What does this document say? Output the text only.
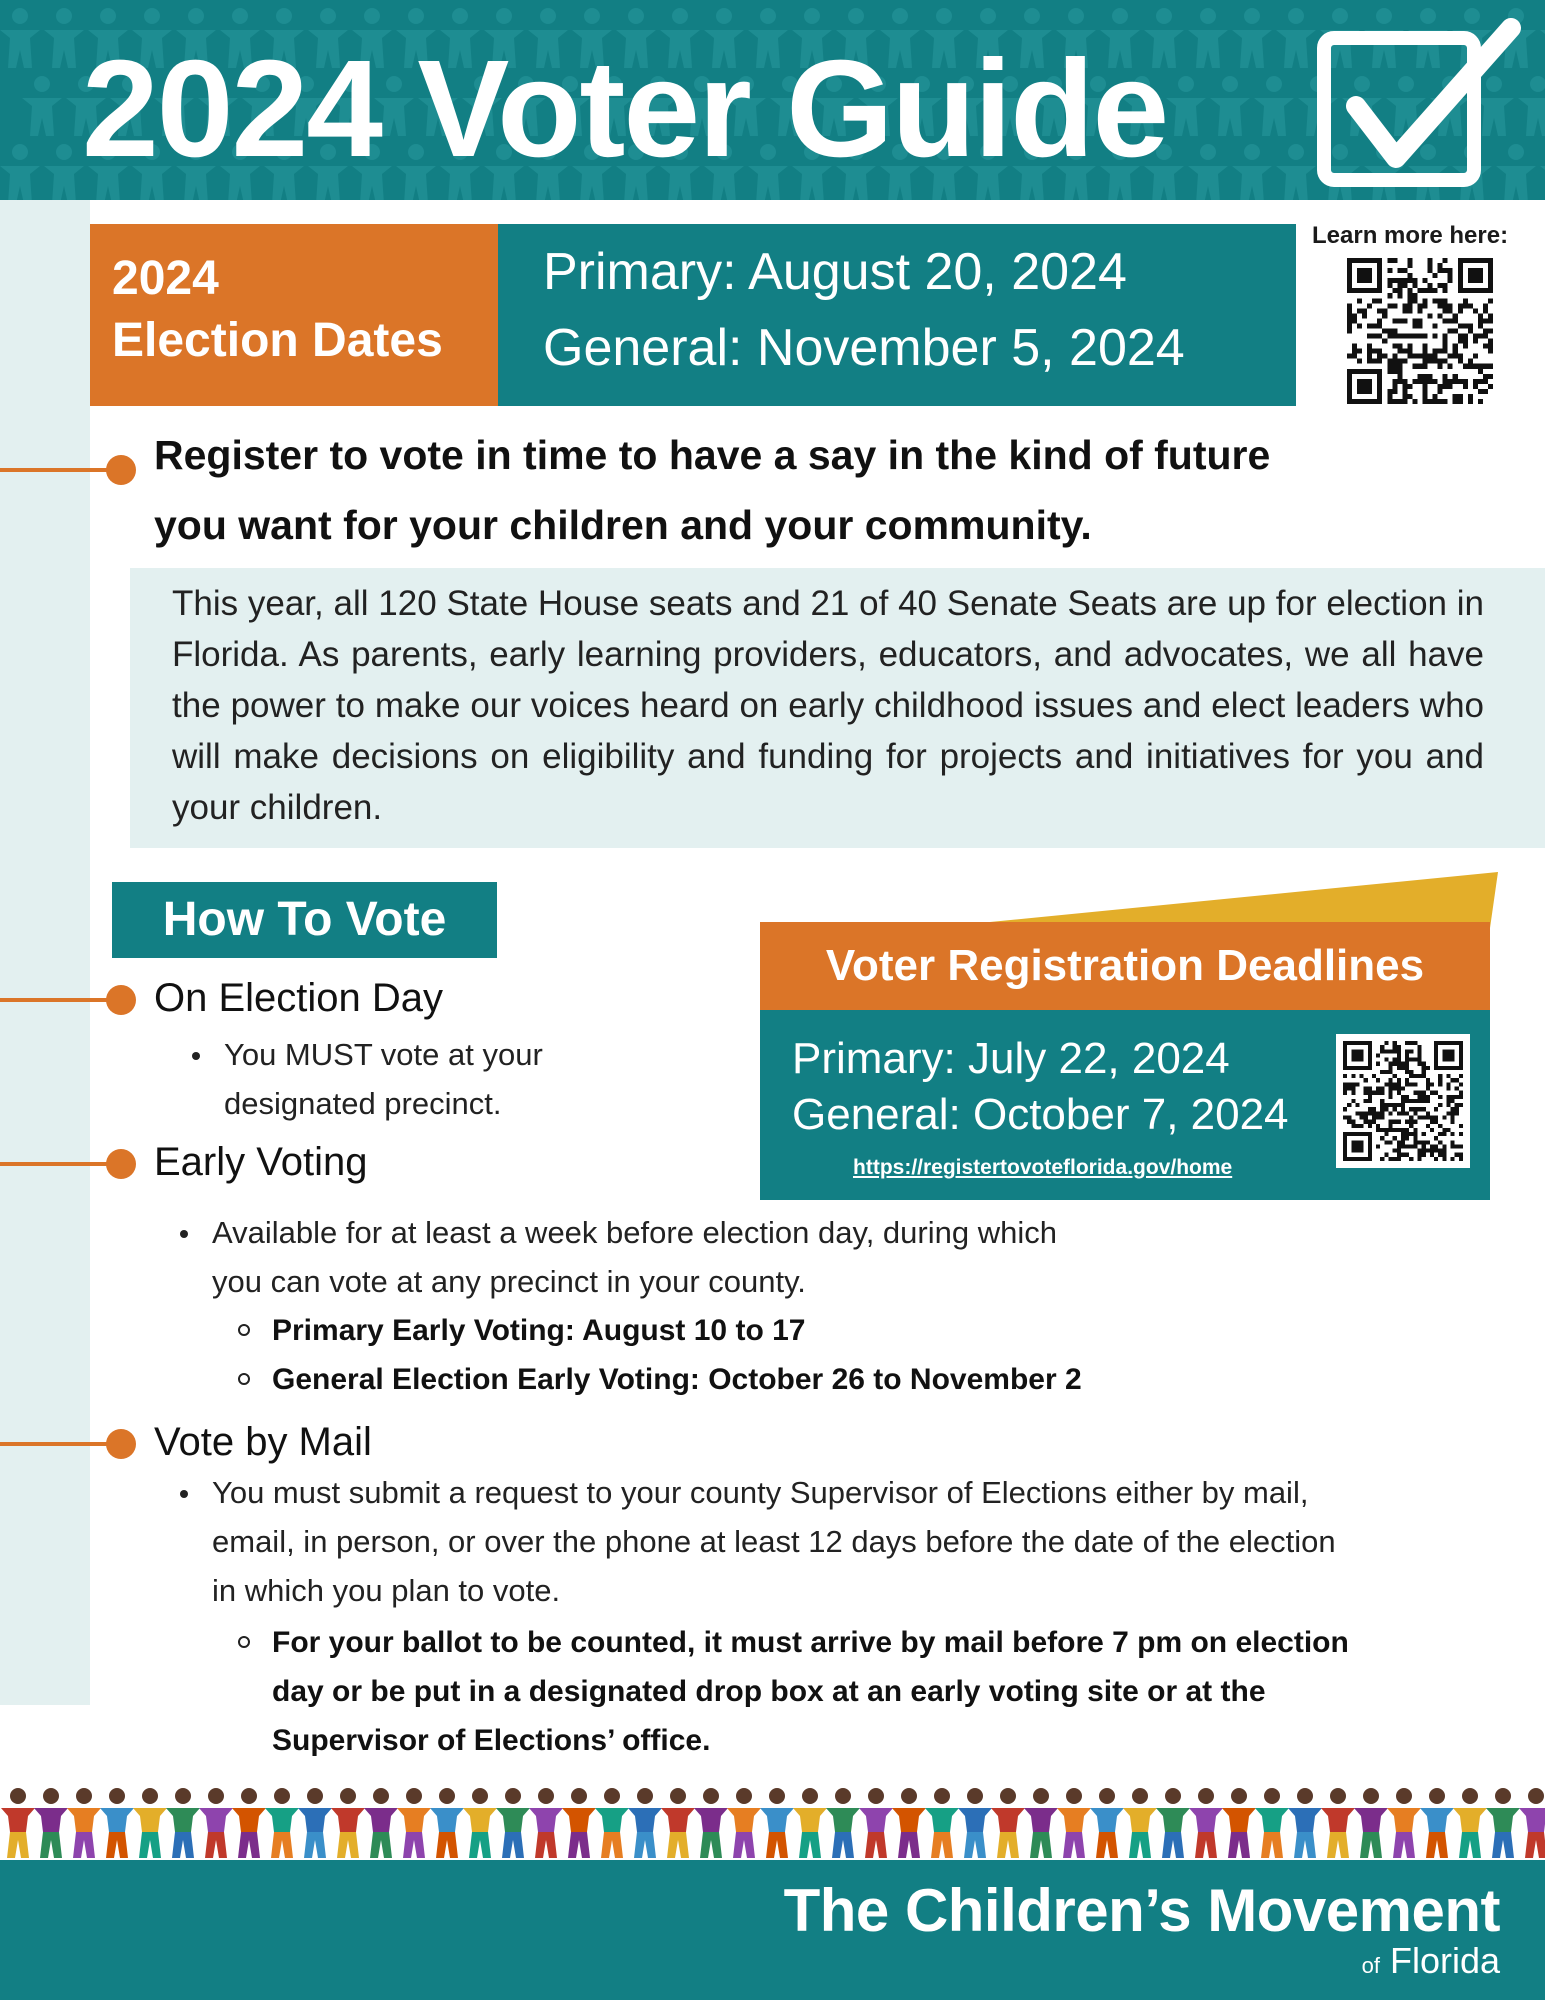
2024 Voter Guide
2024
Election Dates
Primary: August 20, 2024
General: November 5, 2024
Learn more here:
Register to vote in time to have a say in the kind of future
you want for your children and your community.
This year, all 120 State House seats and 21 of 40 Senate Seats are up for election in Florida. As parents, early learning providers, educators, and advocates, we all have the power to make our voices heard on early childhood issues and elect leaders who will make decisions on eligibility and funding for projects and initiatives for you and your children.
How To Vote
On Election Day
You MUST vote at your
designated precinct.
Early Voting
Available for at least a week before election day, during which
you can vote at any precinct in your county.
Primary Early Voting: August 10 to 17
General Election Early Voting: October 26 to November 2
Vote by Mail
You must submit a request to your county Supervisor of Elections either by mail,
email, in person, or over the phone at least 12 days before the date of the election
in which you plan to vote.
For your ballot to be counted, it must arrive by mail before 7 pm on election
day or be put in a designated drop box at an early voting site or at the
Supervisor of Elections’ office.
Voter Registration Deadlines
Primary: July 22, 2024
General: October 7, 2024
https://registertovoteflorida.gov/home
The Children’s Movement
of Florida
